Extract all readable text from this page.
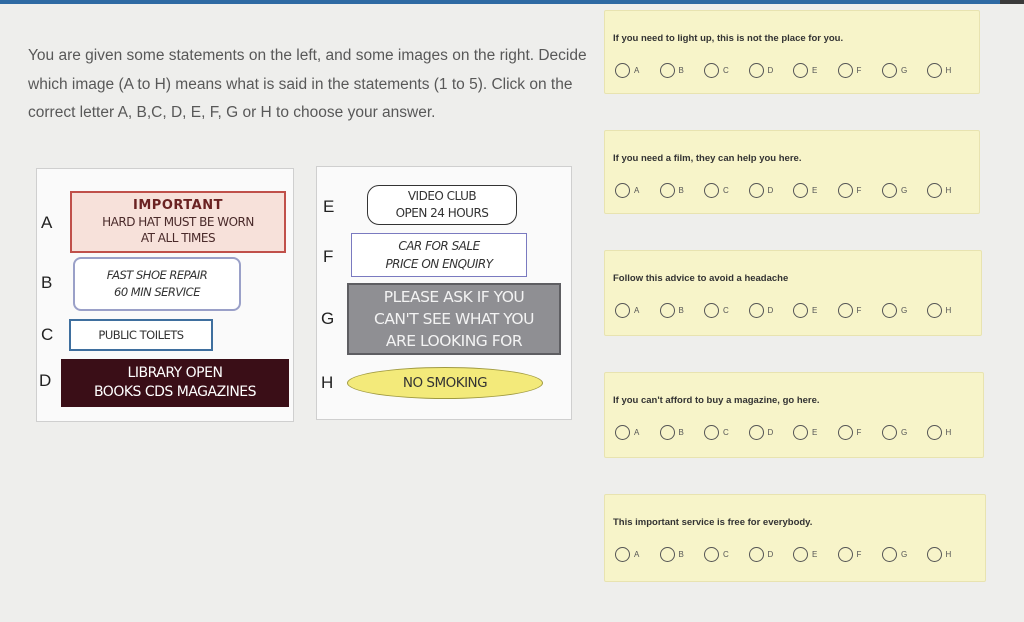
You are given some statements on the left, and some images on the right. Decide which image (A to H) means what is said in the statements (1 to 5). Click on the correct letter A, B,C, D, E, F, G or H to choose your answer.
A
IMPORTANT
HARD HAT MUST BE WORN
AT ALL TIMES
B	FAST SHOE REPAIR
60 MIN SERVICE
C	PUBLIC TOILETS
D	LIBRARY OPEN
BOOKS CDS MAGAZINES
E
VIDEO CLUB
OPEN 24 HOURS
F
CAR FOR SALE
PRICE ON ENQUIRY
G
PLEASE ASK IF YOU
CAN'T SEE WHAT YOU
ARE LOOKING FOR
H	NO SMOKING
If you need to light up, this is not the place for you.
A	B	C	D	E	F	G	H
If you need a film, they can help you here.
A	B	C	D	E	F	G	H
Follow this advice to avoid a headache
A	B	C	D	E	F	G	H
If you can't afford to buy a magazine, go here.
A	B	C	D	E	F	G	H
This important service is free for everybody.
A	B	C	D	E	F	G	H
